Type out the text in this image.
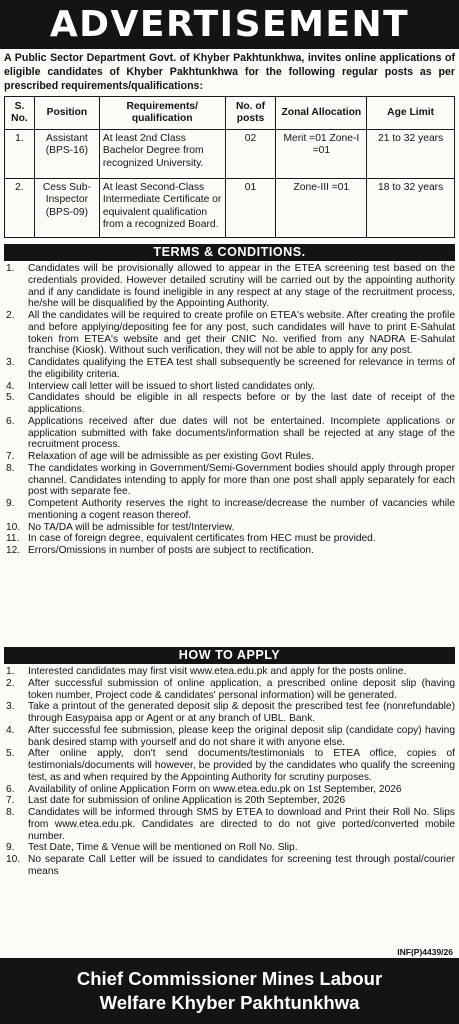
ADVERTISEMENT

A Public Sector Department Govt. of Khyber Pakhtunkhwa, invites online applications of eligible candidates of Khyber Pakhtunkhwa for the following regular posts as per prescribed requirements/qualifications:

S. No.	Position	Requirements/ qualification	No. of posts	Zonal Allocation	Age Limit
1.	Assistant (BPS-16)	At least 2nd Class Bachelor Degree from recognized University.	02	Merit =01 Zone-I =01	21 to 32 years
2.	Cess Sub-Inspector (BPS-09)	At least Second-Class Intermediate Certificate or equivalent qualification from a recognized Board.	01	Zone-III =01	18 to 32 years
TERMS & CONDITIONS.
1.	Candidates will be provisionally allowed to appear in the ETEA screening test based on the credentials provided. However detailed scrutiny will be carried out by the appointing authority and if any candidate is found ineligible in any respect at any stage of the recruitment process, he/she will be disqualified by the Appointing Authority.
2.	All the candidates will be required to create profile on ETEA's website. After creating the profile and before applying/depositing fee for any post, such candidates will have to print E-Sahulat token from ETEA's website and get their CNIC No. verified from any NADRA E-Sahulat franchise (Kiosk). Without such verification, they will not be able to apply for any post.
3.	Candidates qualifying the ETEA test shall subsequently be screened for relevance in terms of the eligibility criteria.
4.	Interview call letter will be issued to short listed candidates only.
5.	Candidates should be eligible in all respects before or by the last date of receipt of the applications.
6.	Applications received after due dates will not be entertained. Incomplete applications or application submitted with fake documents/information shall be rejected at any stage of the recruitment process.
7.	Relaxation of age will be admissible as per existing Govt Rules.
8.	The candidates working in Government/Semi-Government bodies should apply through proper channel. Candidates intending to apply for more than one post shall apply separately for each post with separate fee.
9.	Competent Authority reserves the right to increase/decrease the number of vacancies while mentioning a cogent reason thereof.
10. No TA/DA will be admissible for test/Interview.
11. In case of foreign degree, equivalent certificates from HEC must be provided.
12. Errors/Omissions in number of posts are subject to rectification.
HOW TO APPLY
1.	Interested candidates may first visit www.etea.edu.pk and apply for the posts online.
2.	After successful submission of online application, a prescribed online deposit slip (having token number, Project code & candidates' personal information) will be generated.
3.	Take a printout of the generated deposit slip & deposit the prescribed test fee (nonrefundable) through Easypaisa app or Agent or at any branch of UBL. Bank.
4.	After successful fee submission, please keep the original deposit slip (candidate copy) having bank desired stamp with yourself and do not share it with anyone else.
5.	After online apply, don't send documents/testimonials to ETEA office, copies of testimonials/documents will however, be provided by the candidates who qualify the screening test, as and when required by the Appointing Authority for scrutiny purposes.
6.	Availability of online Application Form on www.etea.edu.pk on 1st September, 2026
7.	Last date for submission of online Application is 20th September, 2026
8.	Candidates will be informed through SMS by ETEA to download and Print their Roll No. Slips from www.etea.edu.pk. Candidates are directed to do not give ported/converted mobile number.
9.	Test Date, Time & Venue will be mentioned on Roll No. Slip.
10. No separate Call Letter will be issued to candidates for screening test through postal/courier means
INF(P)4439/26
Chief Commissioner Mines Labour
Welfare Khyber Pakhtunkhwa
